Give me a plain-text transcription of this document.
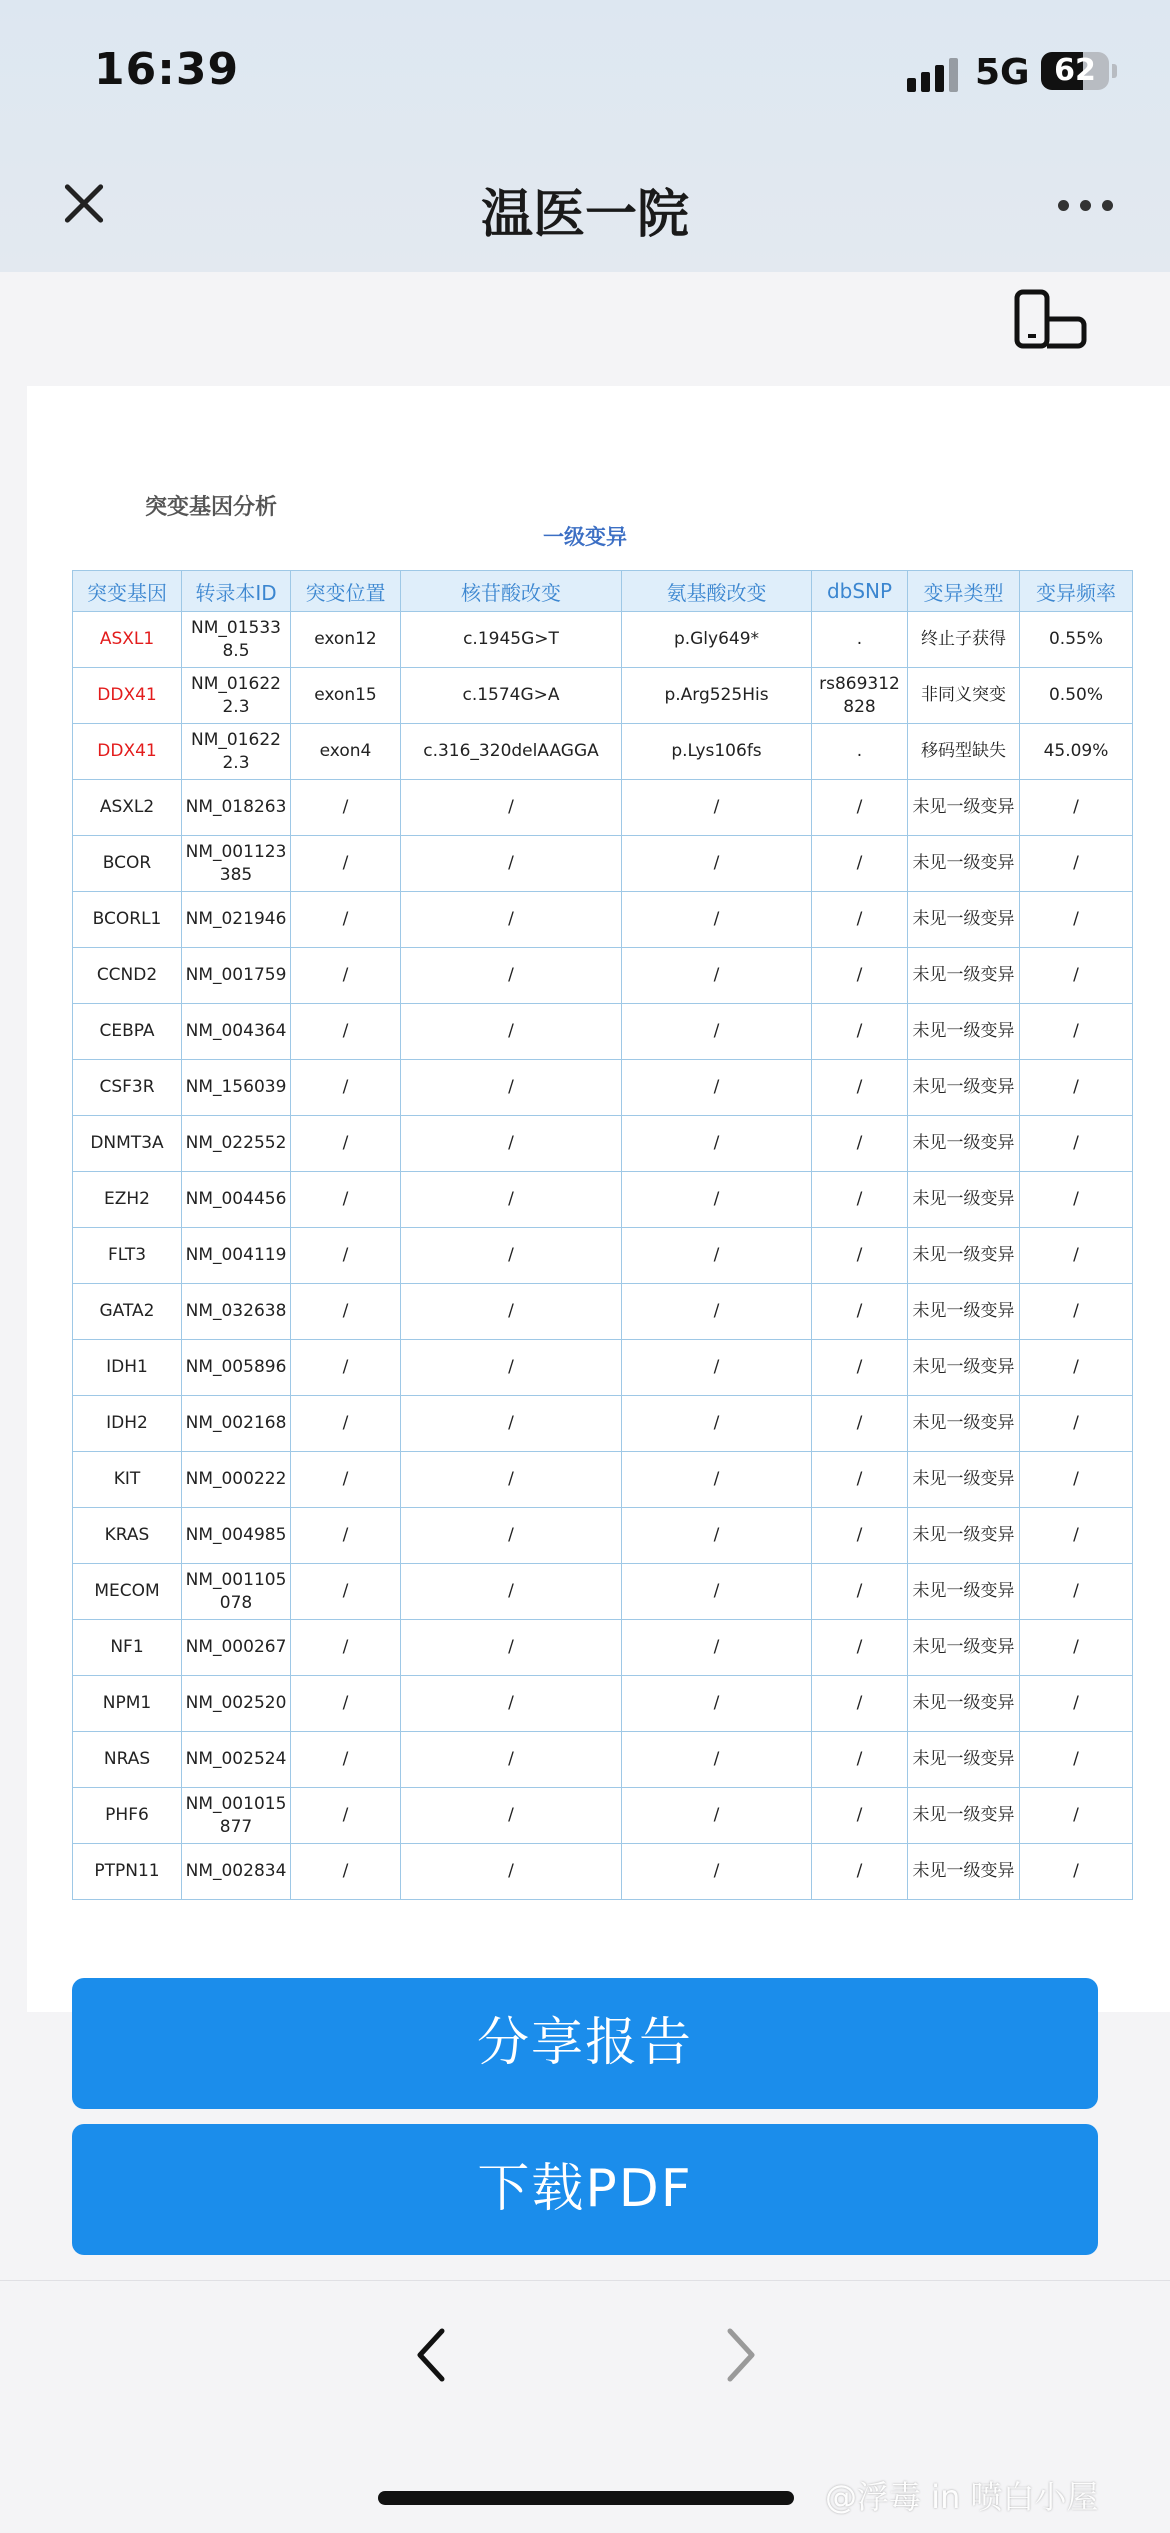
16:39	5G 62
温医一院
突变基因分析
一级变异
突变基因	转录本ID	突变位置	核苷酸改变	氨基酸改变	dbSNP	变异类型	变异频率
ASXL1	NM_015338.5	exon12	c.1945G>T	p.Gly649*	.	终止子获得	0.55%
DDX41	NM_016222.3	exon15	c.1574G>A	p.Arg525His	rs869312828	非同义突变	0.50%
DDX41	NM_016222.3	exon4	c.316_320delAAGGA	p.Lys106fs	.	移码型缺失	45.09%
ASXL2	NM_018263	/	/	/	/	未见一级变异	/
BCOR	NM_001123385	/	/	/	/	未见一级变异	/
BCORL1	NM_021946	/	/	/	/	未见一级变异	/
CCND2	NM_001759	/	/	/	/	未见一级变异	/
CEBPA	NM_004364	/	/	/	/	未见一级变异	/
CSF3R	NM_156039	/	/	/	/	未见一级变异	/
DNMT3A	NM_022552	/	/	/	/	未见一级变异	/
EZH2	NM_004456	/	/	/	/	未见一级变异	/
FLT3	NM_004119	/	/	/	/	未见一级变异	/
GATA2	NM_032638	/	/	/	/	未见一级变异	/
IDH1	NM_005896	/	/	/	/	未见一级变异	/
IDH2	NM_002168	/	/	/	/	未见一级变异	/
KIT	NM_000222	/	/	/	/	未见一级变异	/
KRAS	NM_004985	/	/	/	/	未见一级变异	/
MECOM	NM_001105078	/	/	/	/	未见一级变异	/
NF1	NM_000267	/	/	/	/	未见一级变异	/
NPM1	NM_002520	/	/	/	/	未见一级变异	/
NRAS	NM_002524	/	/	/	/	未见一级变异	/
PHF6	NM_001015877	/	/	/	/	未见一级变异	/
PTPN11	NM_002834	/	/	/	/	未见一级变异	/
分享报告
下载PDF
@浮毒 in 喷白小屋
